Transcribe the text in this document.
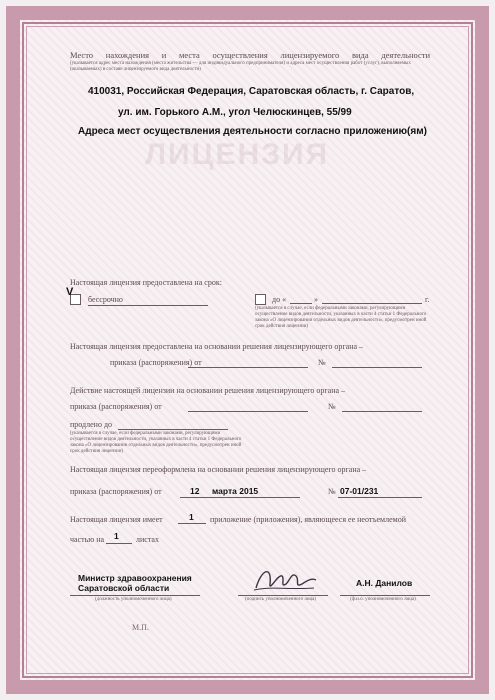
ЛИЦЕНЗИЯ
Место нахождения и места осуществления лицензируемого вида деятельности
(указывается адрес места нахождения (места жительства — для индивидуального предпринимателя) и адреса мест осуществления работ (услуг), выполняемых (оказываемых) в составе лицензируемого вида деятельности)
410031, Российская Федерация, Саратовская область, г. Саратов,
ул. им. Горького А.М., угол Челюскинцев, 55/99
Адреса мест осуществления деятельности согласно приложению(ям)
Настоящая лицензия предоставлена на срок:
V
бессрочно	до «	»	г.
(указывается в случае, если федеральными законами, регулирующими осуществление видов деятельности, указанных в части 4 статьи 1 Федерального закона «О лицензировании отдельных видов деятельности», предусмотрен иной срок действия лицензии)
Настоящая лицензия предоставлена на основании решения лицензирующего органа –
приказа (распоряжения) от	№
Действие настоящей лицензии на основании решения лицензирующего органа –
приказа (распоряжения) от	№
продлено до
(указывается в случае, если федеральными законами, регулирующими осуществление видов деятельности, указанных в части 4 статьи 1 Федерального закона «О лицензировании отдельных видов деятельности», предусмотрен иной срок действия лицензии)
Настоящая лицензия переоформлена на основании решения лицензирующего органа –
приказа (распоряжения) от	12 марта 2015	№ 07-01/231
Настоящая лицензия имеет	1 приложение (приложения), являющееся ее неотъемлемой
частью на 1 листах
Министр здравоохранения
Саратовской области
(должность уполномоченного лица)	(подпись уполномоченного лица)
А.Н. Данилов
(ф.и.о. уполномоченного лица)
М.П.
